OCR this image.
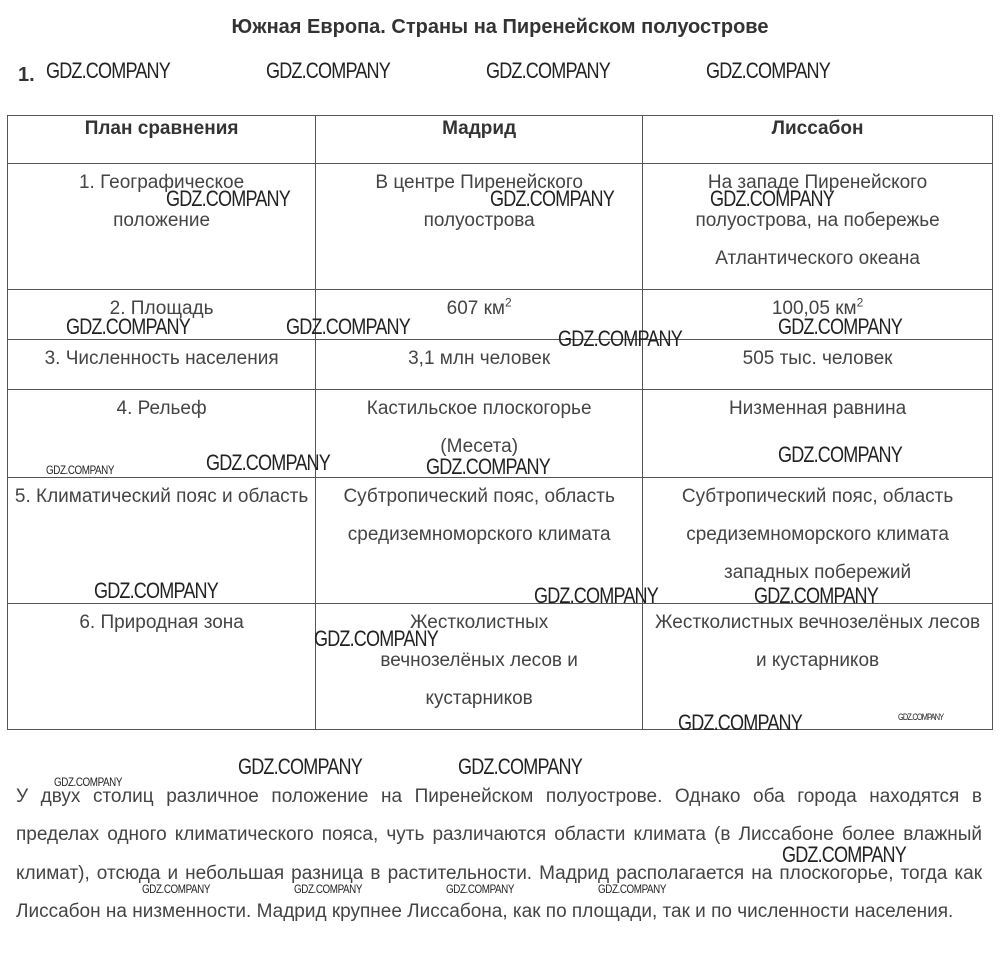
Южная Европа. Страны на Пиренейском полуострове
1.
План сравнения	Мадрид	Лиссабон

1. Географическое положение	В центре Пиренейского полуострова	На западе Пиренейского полуострова, на побережье Атлантического океана

2. Площадь	607 $км^2$	100,05 $км^2$

3. Численность населения	3,1 млн человек	505 тыс. человек

4. Рельеф	Кастильское плоскогорье (Месета)	Низменная равнина

5. Климатический пояс и область	Субтропический пояс, область средиземноморского климата	Субтропический пояс, область средиземноморского климата западных побережий

6. Природная зона	Жестколистных вечнозелёных лесов и кустарников	Жестколистных вечнозелёных лесов и кустарников
У двух столиц различное положение на Пиренейском полуострове. Однако оба города находятся в пределах одного климатического пояса, чуть различаются области климата (в Лиссабоне более влажный климат), отсюда и небольшая разница в растительности. Мадрид располагается на плоскогорье, тогда как Лиссабон на низменности. Мадрид крупнее Лиссабона, как по площади, так и по численности населения.
GDZ.COMPANY	GDZ.COMPANY	GDZ.COMPANY	GDZ.COMPANY
GDZ.COMPANY	GDZ.COMPANY	GDZ.COMPANY
GDZ.COMPANY	GDZ.COMPANY	GDZ.COMPANY
GDZ.COMPANY
GDZ.COMPANY	GDZ.COMPANY	GDZ.COMPANY
GDZ.COMPANY
GDZ.COMPANY	GDZ.COMPANY	GDZ.COMPANY
GDZ.COMPANY
GDZ.COMPANY	GDZ.COMPANY
GDZ.COMPANY	GDZ.COMPANY
GDZ.COMPANY
GDZ.COMPANY
GDZ.COMPANY	GDZ.COMPANY	GDZ.COMPANY	GDZ.COMPANY
